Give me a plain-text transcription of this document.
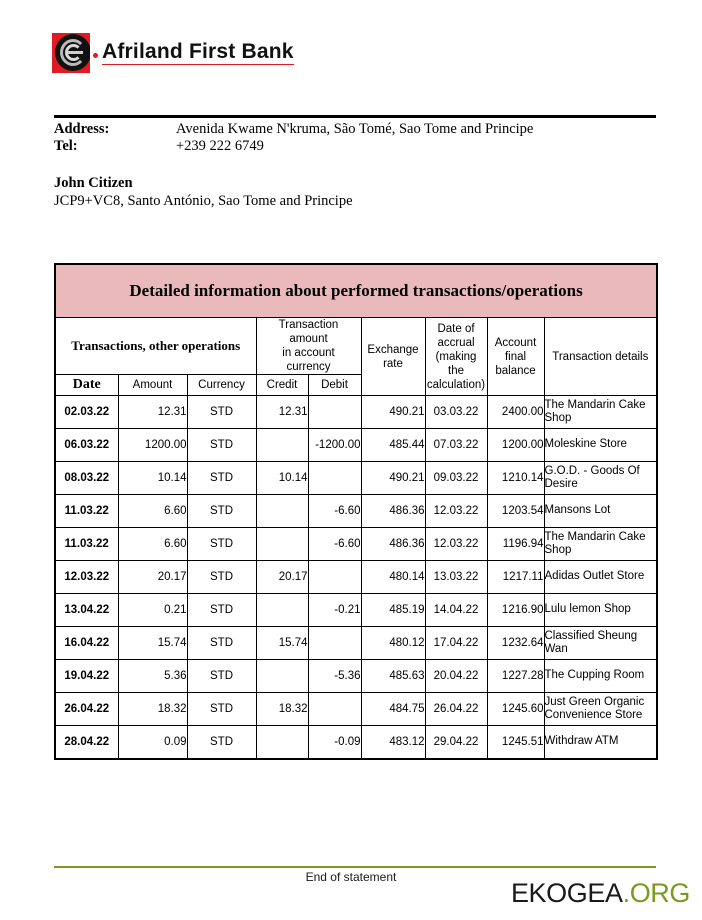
Afriland First Bank
Address:	Avenida Kwame N'kruma, São Tomé, Sao Tome and Principe
Tel:	+239 222 6749
John Citizen
JCP9+VC8, Santo António, Sao Tome and Principe
Detailed information about performed transactions/operations								
Transactions, other operations	
Transaction
amount
in account
currency

Exchange
rate

Date of
accrual
(making
the
calculation)

Account
final
balance
	Transaction details
Date	Amount	Currency	Credit	Debit				
02.03.22	12.31	STD	12.31		490.21	03.03.22	2400.00	The Mandarin Cake Shop
06.03.22	1200.00	STD		-1200.00	485.44	07.03.22	1200.00	Moleskine Store
08.03.22	10.14	STD	10.14		490.21	09.03.22	1210.14	G.O.D. - Goods Of Desire
11.03.22	6.60	STD		-6.60	486.36	12.03.22	1203.54	Mansons Lot
11.03.22	6.60	STD		-6.60	486.36	12.03.22	1196.94	The Mandarin Cake Shop
12.03.22	20.17	STD	20.17		480.14	13.03.22	1217.11	Adidas Outlet Store
13.04.22	0.21	STD		-0.21	485.19	14.04.22	1216.90	Lulu lemon Shop
16.04.22	15.74	STD	15.74		480.12	17.04.22	1232.64	Classified Sheung Wan
19.04.22	5.36	STD		-5.36	485.63	20.04.22	1227.28	The Cupping Room
26.04.22	18.32	STD	18.32		484.75	26.04.22	1245.60	Just Green Organic Convenience Store
28.04.22	0.09	STD		-0.09	483.12	29.04.22	1245.51	Withdraw ATM
End of statement
EKOGEA.ORG
